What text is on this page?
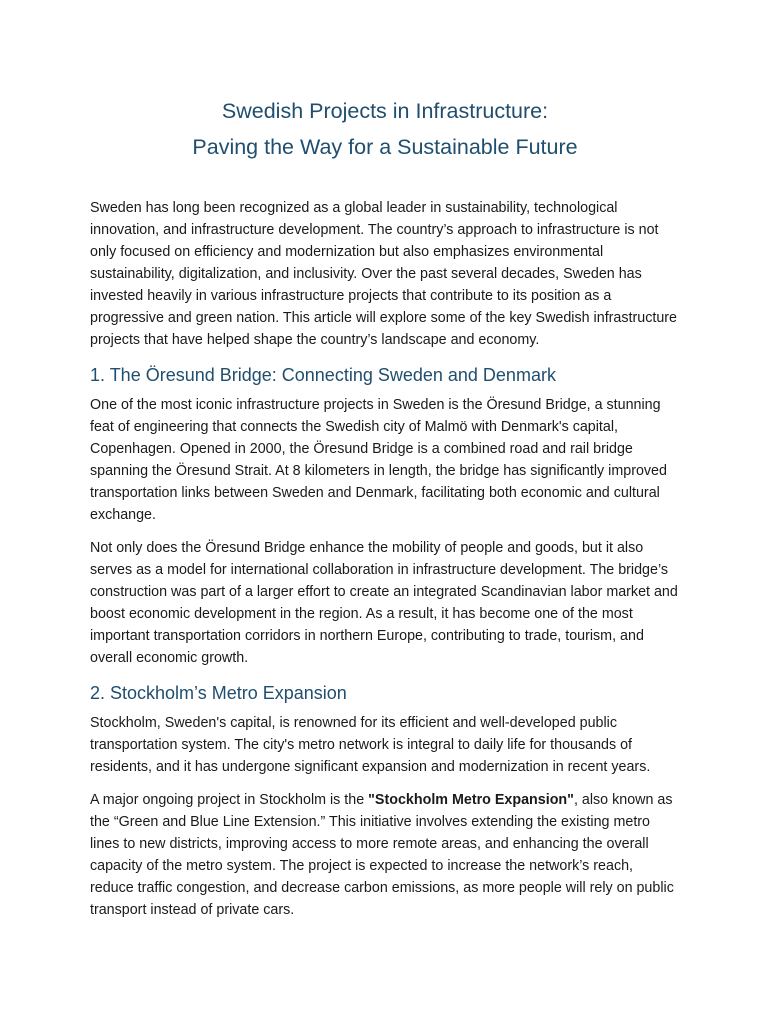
Swedish Projects in Infrastructure:
Paving the Way for a Sustainable Future

Sweden has long been recognized as a global leader in sustainability, technological innovation, and infrastructure development. The country’s approach to infrastructure is not only focused on efficiency and modernization but also emphasizes environmental sustainability, digitalization, and inclusivity. Over the past several decades, Sweden has invested heavily in various infrastructure projects that contribute to its position as a progressive and green nation. This article will explore some of the key Swedish infrastructure projects that have helped shape the country’s landscape and economy.

1. The Öresund Bridge: Connecting Sweden and Denmark

One of the most iconic infrastructure projects in Sweden is the Öresund Bridge, a stunning feat of engineering that connects the Swedish city of Malmö with Denmark's capital, Copenhagen. Opened in 2000, the Öresund Bridge is a combined road and rail bridge spanning the Öresund Strait. At 8 kilometers in length, the bridge has significantly improved transportation links between Sweden and Denmark, facilitating both economic and cultural exchange.

Not only does the Öresund Bridge enhance the mobility of people and goods, but it also serves as a model for international collaboration in infrastructure development. The bridge’s construction was part of a larger effort to create an integrated Scandinavian labor market and boost economic development in the region. As a result, it has become one of the most important transportation corridors in northern Europe, contributing to trade, tourism, and overall economic growth.

2. Stockholm’s Metro Expansion

Stockholm, Sweden's capital, is renowned for its efficient and well-developed public transportation system. The city's metro network is integral to daily life for thousands of residents, and it has undergone significant expansion and modernization in recent years.

A major ongoing project in Stockholm is the "Stockholm Metro Expansion", also known as the “Green and Blue Line Extension.” This initiative involves extending the existing metro lines to new districts, improving access to more remote areas, and enhancing the overall capacity of the metro system. The project is expected to increase the network’s reach, reduce traffic congestion, and decrease carbon emissions, as more people will rely on public transport instead of private cars.
